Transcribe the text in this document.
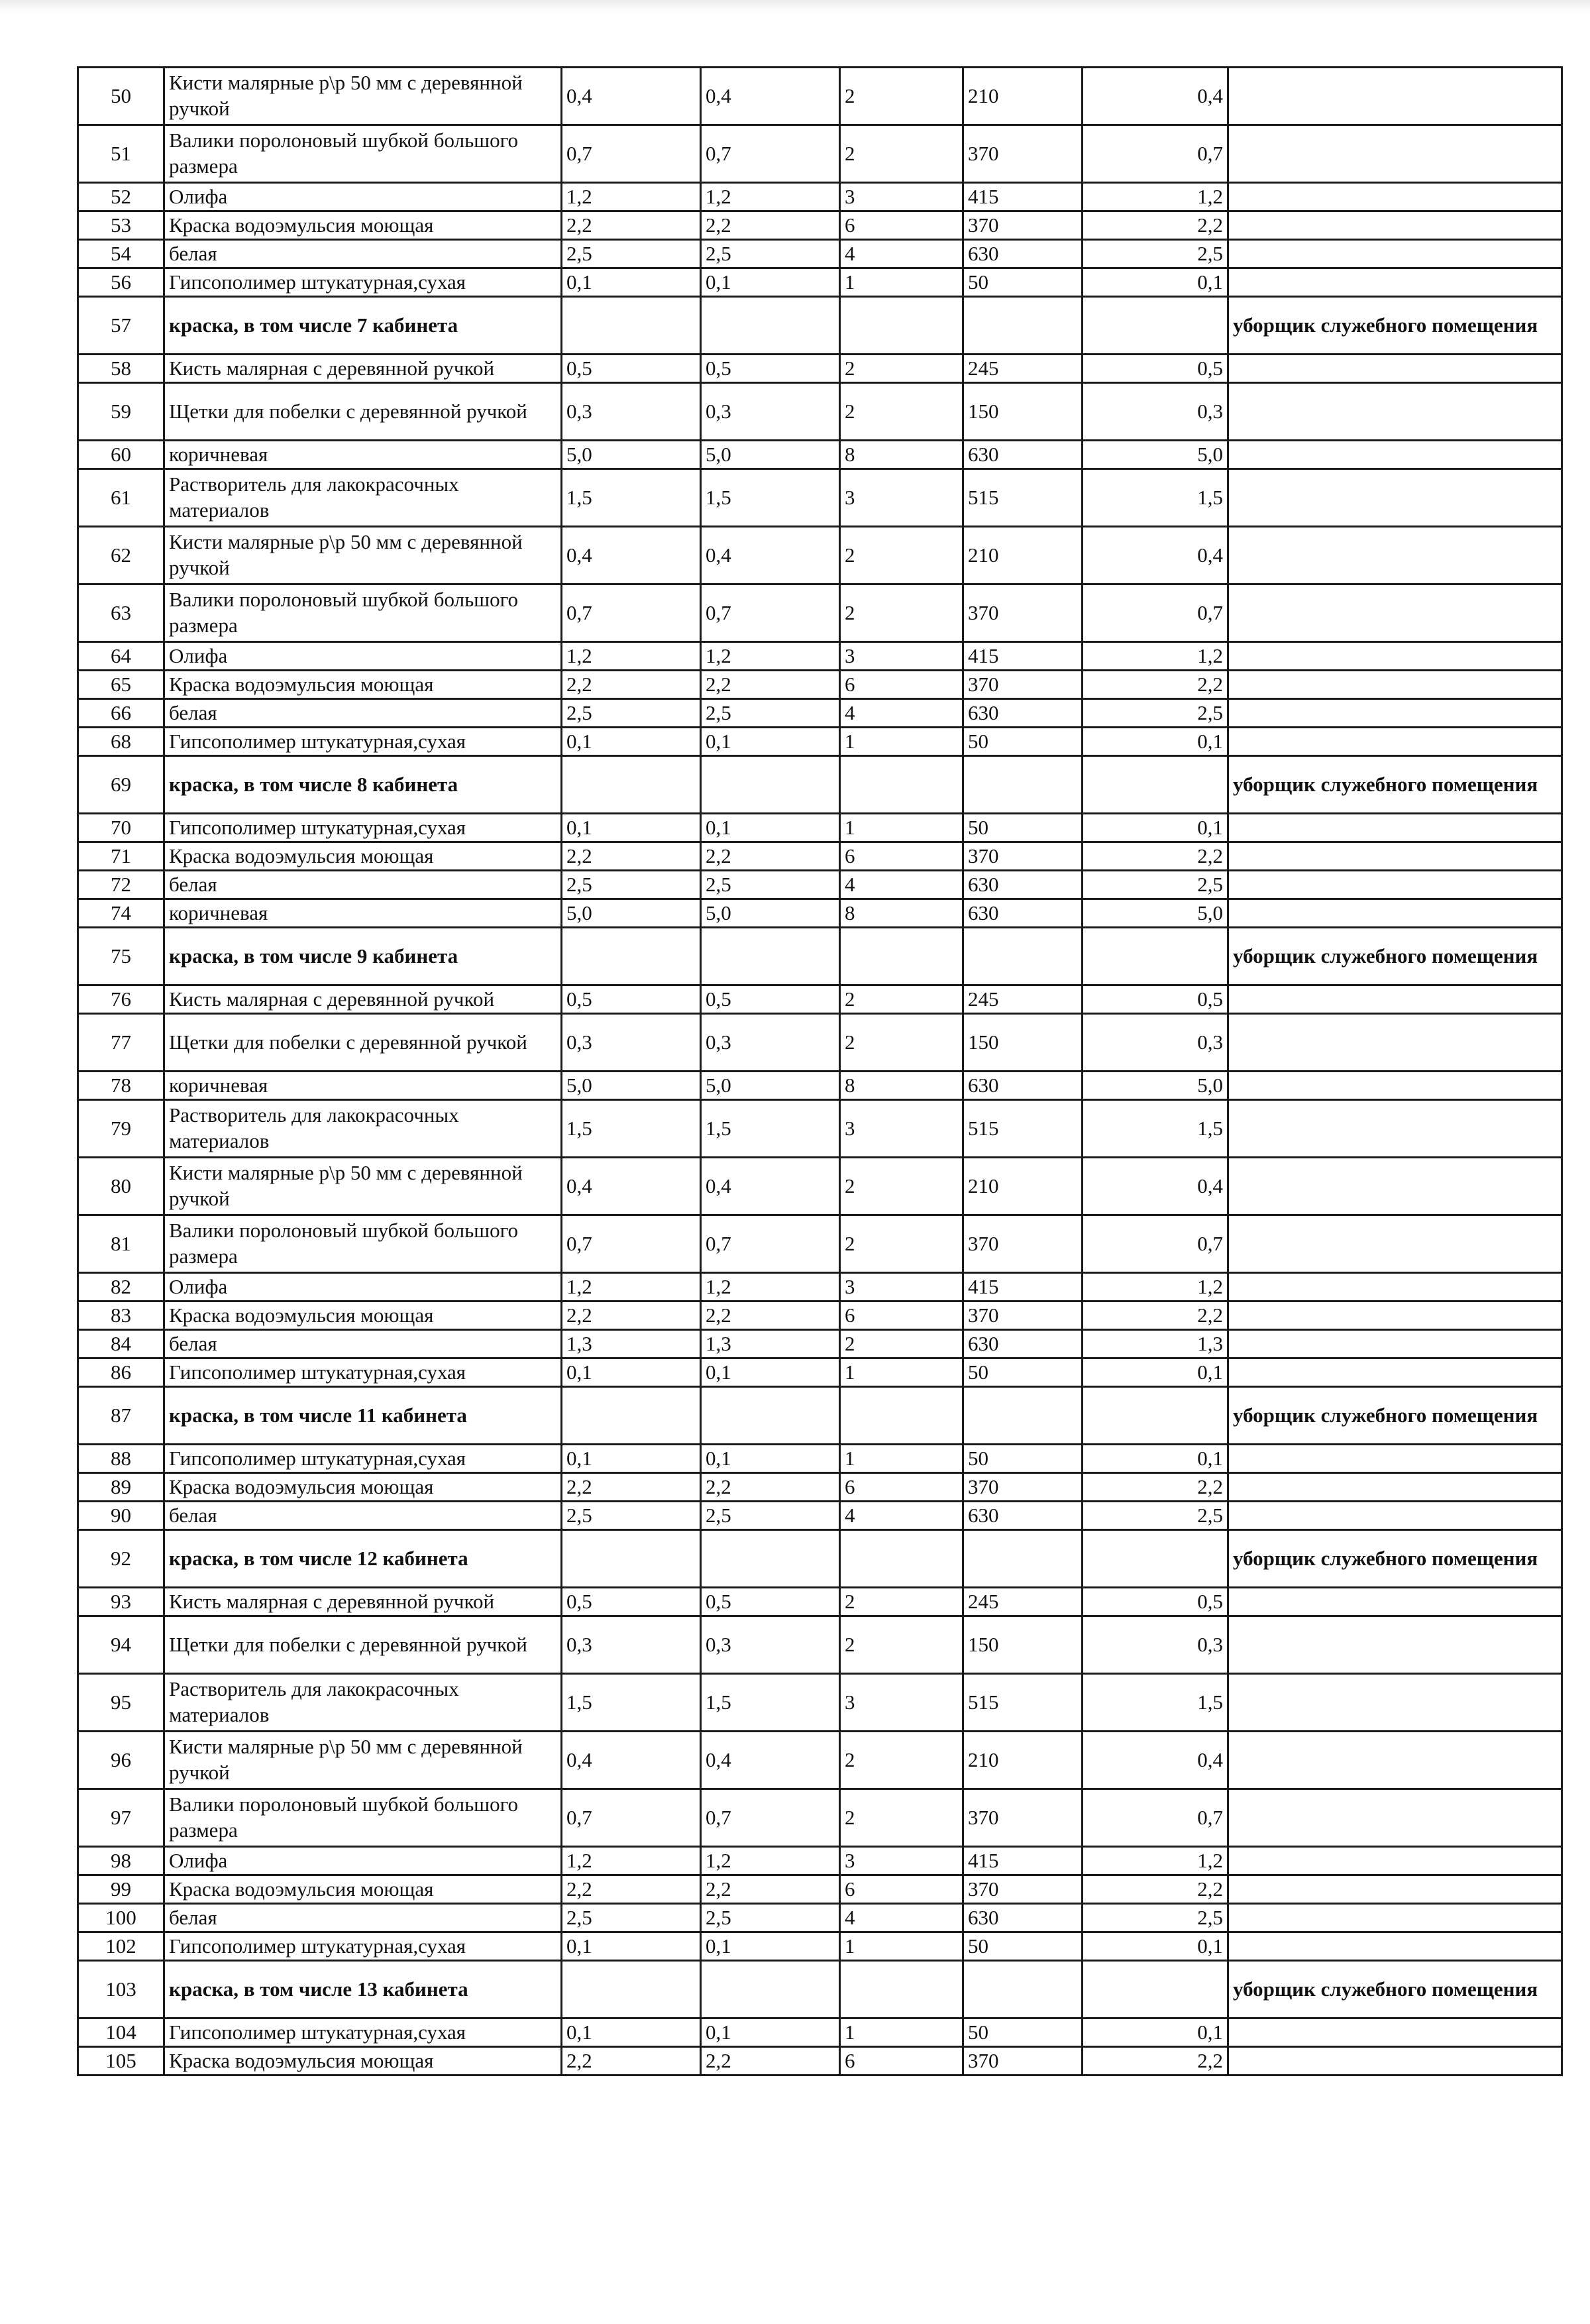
50	Кисти малярные р\р 50 мм с деревянной ручкой	0,4	0,4	2	210	0,4	
51	Валики поролоновый шубкой большого размера	0,7	0,7	2	370	0,7	
52	Олифа	1,2	1,2	3	415	1,2	
53	Краска водоэмульсия моющая	2,2	2,2	6	370	2,2	
54	белая	2,5	2,5	4	630	2,5	
56	Гипсополимер штукатурная,сухая	0,1	0,1	1	50	0,1	
57	краска, в том числе 7 кабинета						уборщик служебного помещения
58	Кисть малярная с деревянной ручкой	0,5	0,5	2	245	0,5	
59	Щетки для побелки с деревянной ручкой	0,3	0,3	2	150	0,3	
60	коричневая	5,0	5,0	8	630	5,0	
61	Растворитель для лакокрасочных материалов	1,5	1,5	3	515	1,5	
62	Кисти малярные р\р 50 мм с деревянной ручкой	0,4	0,4	2	210	0,4	
63	Валики поролоновый шубкой большого размера	0,7	0,7	2	370	0,7	
64	Олифа	1,2	1,2	3	415	1,2	
65	Краска водоэмульсия моющая	2,2	2,2	6	370	2,2	
66	белая	2,5	2,5	4	630	2,5	
68	Гипсополимер штукатурная,сухая	0,1	0,1	1	50	0,1	
69	краска, в том числе 8 кабинета						уборщик служебного помещения
70	Гипсополимер штукатурная,сухая	0,1	0,1	1	50	0,1	
71	Краска водоэмульсия моющая	2,2	2,2	6	370	2,2	
72	белая	2,5	2,5	4	630	2,5	
74	коричневая	5,0	5,0	8	630	5,0	
75	краска, в том числе 9 кабинета						уборщик служебного помещения
76	Кисть малярная с деревянной ручкой	0,5	0,5	2	245	0,5	
77	Щетки для побелки с деревянной ручкой	0,3	0,3	2	150	0,3	
78	коричневая	5,0	5,0	8	630	5,0	
79	Растворитель для лакокрасочных материалов	1,5	1,5	3	515	1,5	
80	Кисти малярные р\р 50 мм с деревянной ручкой	0,4	0,4	2	210	0,4	
81	Валики поролоновый шубкой большого размера	0,7	0,7	2	370	0,7	
82	Олифа	1,2	1,2	3	415	1,2	
83	Краска водоэмульсия моющая	2,2	2,2	6	370	2,2	
84	белая	1,3	1,3	2	630	1,3	
86	Гипсополимер штукатурная,сухая	0,1	0,1	1	50	0,1	
87	краска, в том числе 11 кабинета						уборщик служебного помещения
88	Гипсополимер штукатурная,сухая	0,1	0,1	1	50	0,1	
89	Краска водоэмульсия моющая	2,2	2,2	6	370	2,2	
90	белая	2,5	2,5	4	630	2,5	
92	краска, в том числе 12 кабинета						уборщик служебного помещения
93	Кисть малярная с деревянной ручкой	0,5	0,5	2	245	0,5	
94	Щетки для побелки с деревянной ручкой	0,3	0,3	2	150	0,3	
95	Растворитель для лакокрасочных материалов	1,5	1,5	3	515	1,5	
96	Кисти малярные р\р 50 мм с деревянной ручкой	0,4	0,4	2	210	0,4	
97	Валики поролоновый шубкой большого размера	0,7	0,7	2	370	0,7	
98	Олифа	1,2	1,2	3	415	1,2	
99	Краска водоэмульсия моющая	2,2	2,2	6	370	2,2	
100	белая	2,5	2,5	4	630	2,5	
102	Гипсополимер штукатурная,сухая	0,1	0,1	1	50	0,1	
103	краска, в том числе 13 кабинета						уборщик служебного помещения
104	Гипсополимер штукатурная,сухая	0,1	0,1	1	50	0,1	
105	Краска водоэмульсия моющая	2,2	2,2	6	370	2,2	
